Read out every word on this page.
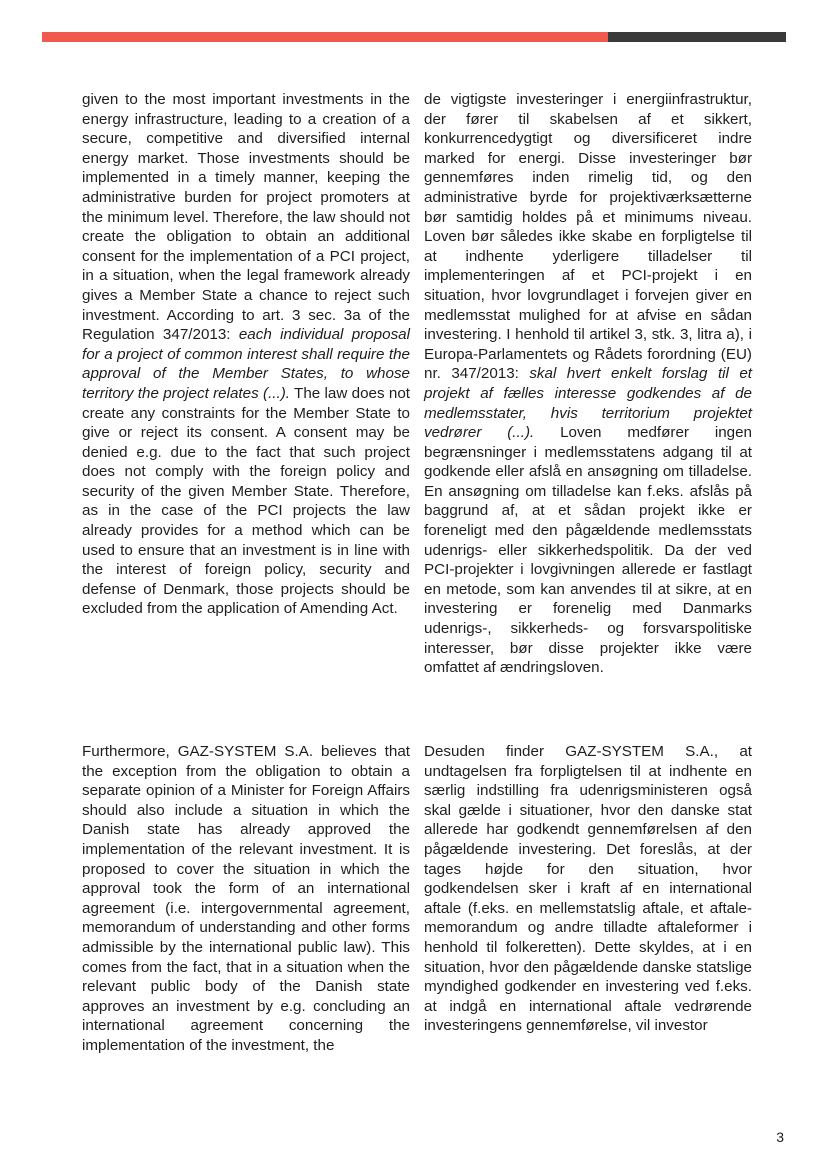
given to the most important investments in the energy infrastructure, leading to a creation of a secure, competitive and diversified internal energy market. Those investments should be implemented in a timely manner, keeping the administrative burden for project promoters at the minimum level. Therefore, the law should not create the obligation to obtain an additional consent for the implementation of a PCI project, in a situation, when the legal framework already gives a Member State a chance to reject such investment. According to art. 3 sec. 3a of the Regulation 347/2013: each individual proposal for a project of common interest shall require the approval of the Member States, to whose territory the project relates (...). The law does not create any constraints for the Member State to give or reject its consent. A consent may be denied e.g. due to the fact that such project does not comply with the foreign policy and security of the given Member State. Therefore, as in the case of the PCI projects the law already provides for a method which can be used to ensure that an investment is in line with the interest of foreign policy, security and defense of Denmark, those projects should be excluded from the application of Amending Act.

de vigtigste investeringer i energiinfrastruktur, der fører til skabelsen af et sikkert, konkurrencedygtigt og diversificeret indre marked for energi. Disse investeringer bør gennemføres inden rimelig tid, og den administrative byrde for projektiværksætterne bør samtidig holdes på et minimums niveau. Loven bør således ikke skabe en forpligtelse til at indhente yderligere tilladelser til implementeringen af et PCI-projekt i en situation, hvor lovgrundlaget i forvejen giver en medlemsstat mulighed for at afvise en sådan investering. I henhold til artikel 3, stk. 3, litra a), i Europa-Parlamentets og Rådets forordning (EU) nr. 347/2013: skal hvert enkelt forslag til et projekt af fælles interesse godkendes af de medlemsstater, hvis territorium projektet vedrører (...). Loven medfører ingen begrænsninger i medlemsstatens adgang til at godkende eller afslå en ansøgning om tilladelse. En ansøgning om tilladelse kan f.eks. afslås på baggrund af, at et sådan projekt ikke er foreneligt med den pågældende medlemsstats udenrigs- eller sikkerhedspolitik. Da der ved PCI-projekter i lovgivningen allerede er fastlagt en metode, som kan anvendes til at sikre, at en investering er forenelig med Danmarks udenrigs-, sikkerheds- og forsvarspolitiske interesser, bør disse projekter ikke være omfattet af ændringsloven.

Furthermore, GAZ-SYSTEM S.A. believes that the exception from the obligation to obtain a separate opinion of a Minister for Foreign Affairs should also include a situation in which the Danish state has already approved the implementation of the relevant investment. It is proposed to cover the situation in which the approval took the form of an international agreement (i.e. intergovernmental agreement, memorandum of understanding and other forms admissible by the international public law). This comes from the fact, that in a situation when the relevant public body of the Danish state approves an investment by e.g. concluding an international agreement concerning the implementation of the investment, the

Desuden finder GAZ-SYSTEM S.A., at undtagelsen fra forpligtelsen til at indhente en særlig indstilling fra udenrigsministeren også skal gælde i situationer, hvor den danske stat allerede har godkendt gennemførelsen af den pågældende investering. Det foreslås, at der tages højde for den situation, hvor godkendelsen sker i kraft af en international aftale (f.eks. en mellemstatslig aftale, et aftale-memorandum og andre tilladte aftaleformer i henhold til folkeretten). Dette skyldes, at i en situation, hvor den pågældende danske statslige myndighed godkender en investering ved f.eks. at indgå en international aftale vedrørende investeringens gennemførelse, vil investor

3
